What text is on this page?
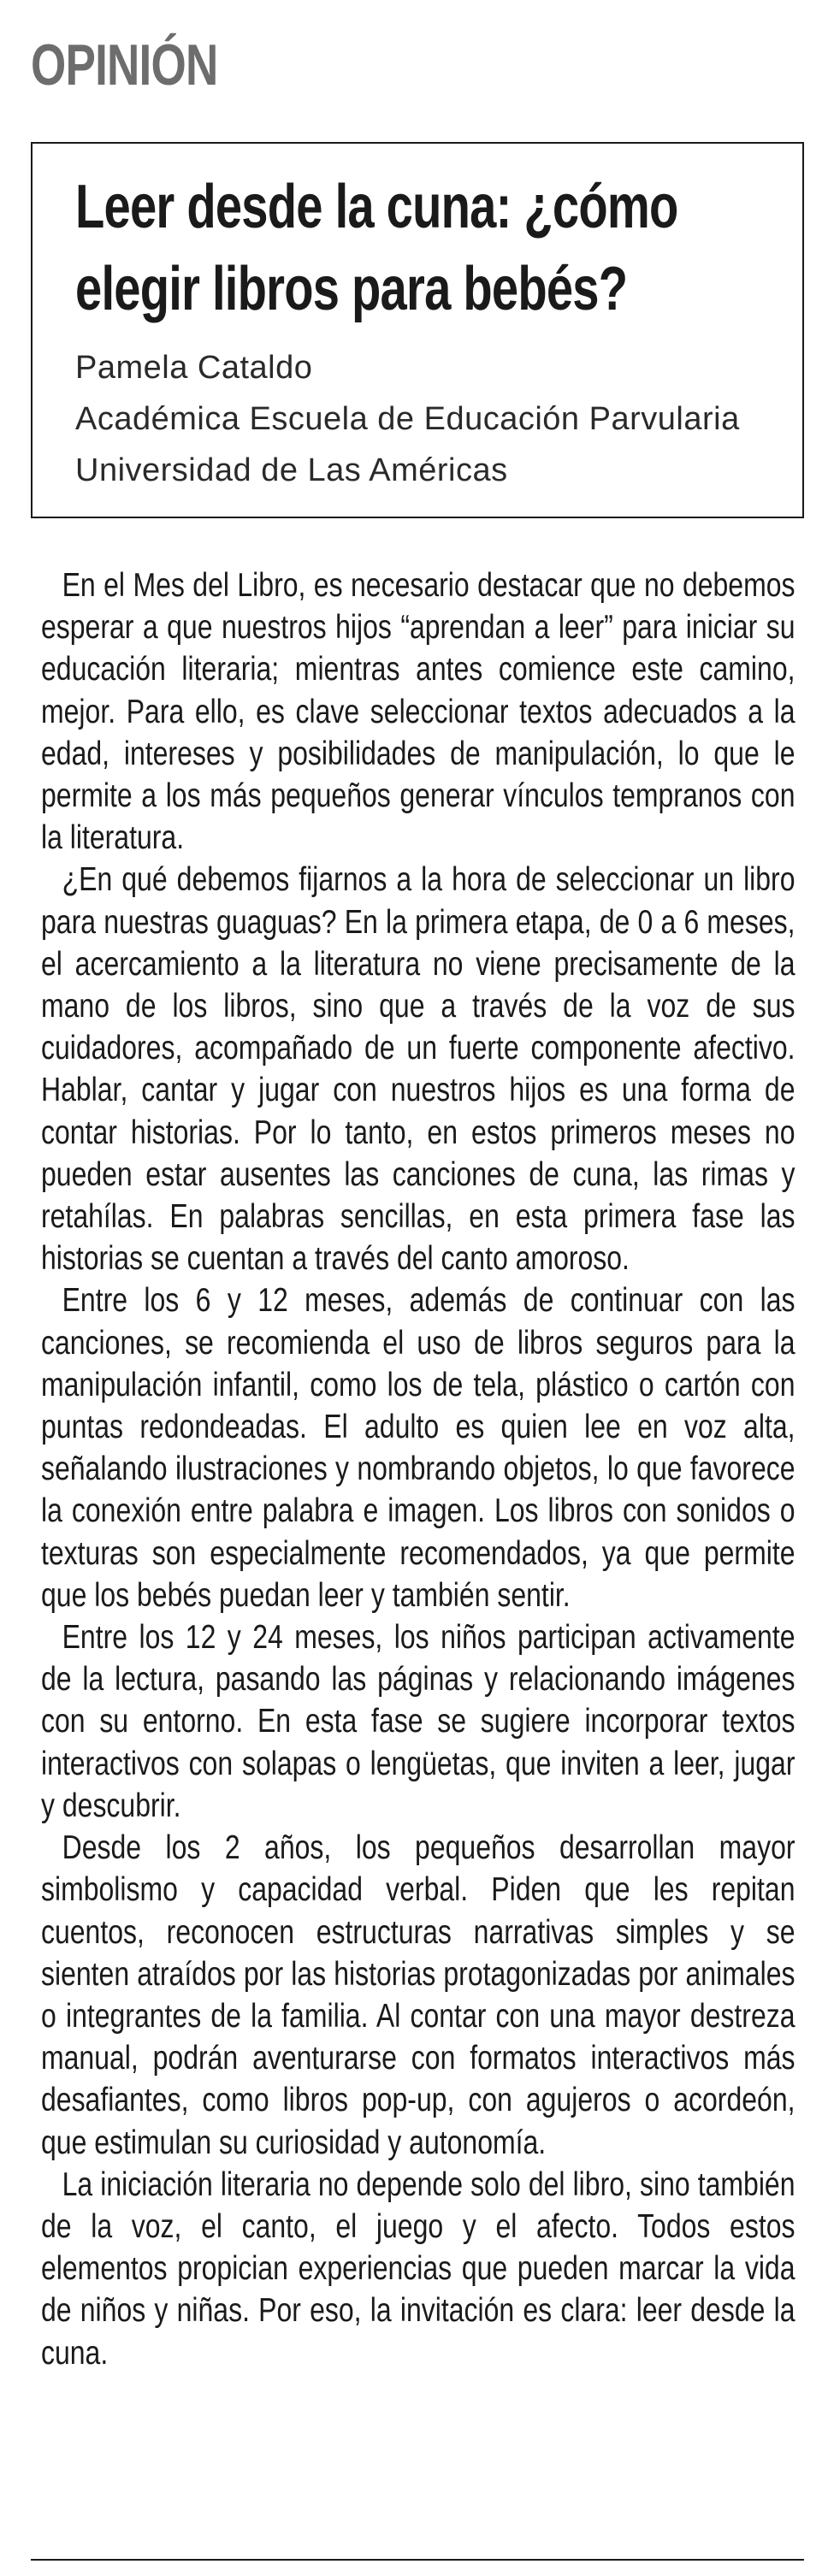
OPINIÓN
Leer desde la cuna: ¿cómo elegir libros para bebés?
Pamela Cataldo
Académica Escuela de Educación Parvularia
Universidad de Las Américas

En el Mes del Libro, es necesario destacar que no debemos esperar a que nuestros hijos “aprendan a leer” para iniciar su educación literaria; mientras antes comience este camino, mejor. Para ello, es clave seleccionar textos adecuados a la edad, intereses y posibilidades de manipulación, lo que le permite a los más pequeños generar vínculos tempranos con la literatura.

¿En qué debemos fijarnos a la hora de seleccionar un libro para nuestras guaguas? En la primera etapa, de 0 a 6 meses, el acercamiento a la literatura no viene precisamente de la mano de los libros, sino que a través de la voz de sus cuidadores, acompañado de un fuerte componente afectivo. Hablar, cantar y jugar con nuestros hijos es una forma de contar historias. Por lo tanto, en estos primeros meses no pueden estar ausentes las canciones de cuna, las rimas y retahílas. En palabras sencillas, en esta primera fase las historias se cuentan a través del canto amoroso.

Entre los 6 y 12 meses, además de continuar con las canciones, se recomienda el uso de libros seguros para la manipulación infantil, como los de tela, plástico o cartón con puntas redondeadas. El adulto es quien lee en voz alta, señalando ilustraciones y nombrando objetos, lo que favorece la conexión entre palabra e imagen. Los libros con sonidos o texturas son especialmente recomendados, ya que permite que los bebés puedan leer y también sentir.

Entre los 12 y 24 meses, los niños participan activamente de la lectura, pasando las páginas y relacionando imágenes con su entorno. En esta fase se sugiere incorporar textos interactivos con solapas o lengüetas, que inviten a leer, jugar y descubrir.

Desde los 2 años, los pequeños desarrollan mayor simbolismo y capacidad verbal. Piden que les repitan cuentos, reconocen estructuras narrativas simples y se sienten atraídos por las historias protagonizadas por animales o integrantes de la familia. Al contar con una mayor destreza manual, podrán aventurarse con formatos interactivos más desafiantes, como libros pop-up, con agujeros o acordeón, que estimulan su curiosidad y autonomía.

La iniciación literaria no depende solo del libro, sino también de la voz, el canto, el juego y el afecto. Todos estos elementos propician experiencias que pueden marcar la vida de niños y niñas. Por eso, la invitación es clara: leer desde la cuna.
